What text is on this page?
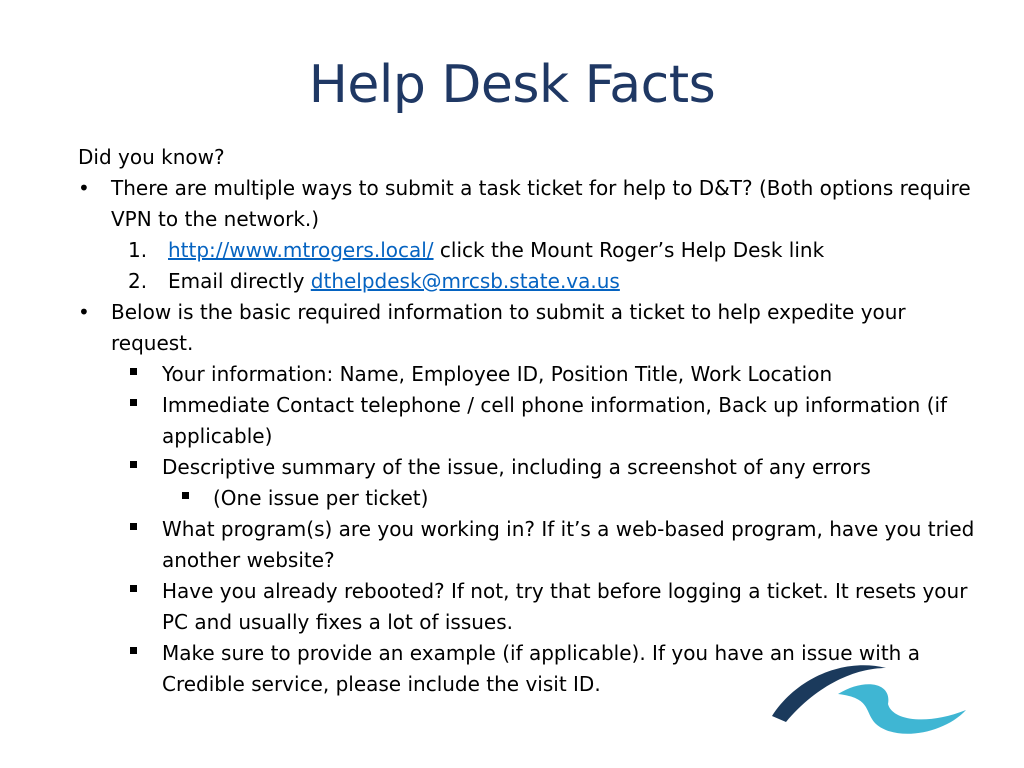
Help Desk Facts

Did you know?

•	There are multiple ways to submit a task ticket for help to D&T? (Both options require VPN to the network.)
1.	http://www.mtrogers.local/ click the Mount Roger’s Help Desk link
2.	Email directly dthelpdesk@mrcsb.state.va.us
•	Below is the basic required information to submit a ticket to help expedite your request.
Your information: Name, Employee ID, Position Title, Work Location
Immediate Contact telephone / cell phone information, Back up information (if applicable)
Descriptive summary of the issue, including a screenshot of any errors
(One issue per ticket)
What program(s) are you working in? If it’s a web-based program, have you tried another website?
Have you already rebooted? If not, try that before logging a ticket. It resets your PC and usually fixes a lot of issues.
Make sure to provide an example (if applicable). If you have an issue with a Credible service, please include the visit ID.
